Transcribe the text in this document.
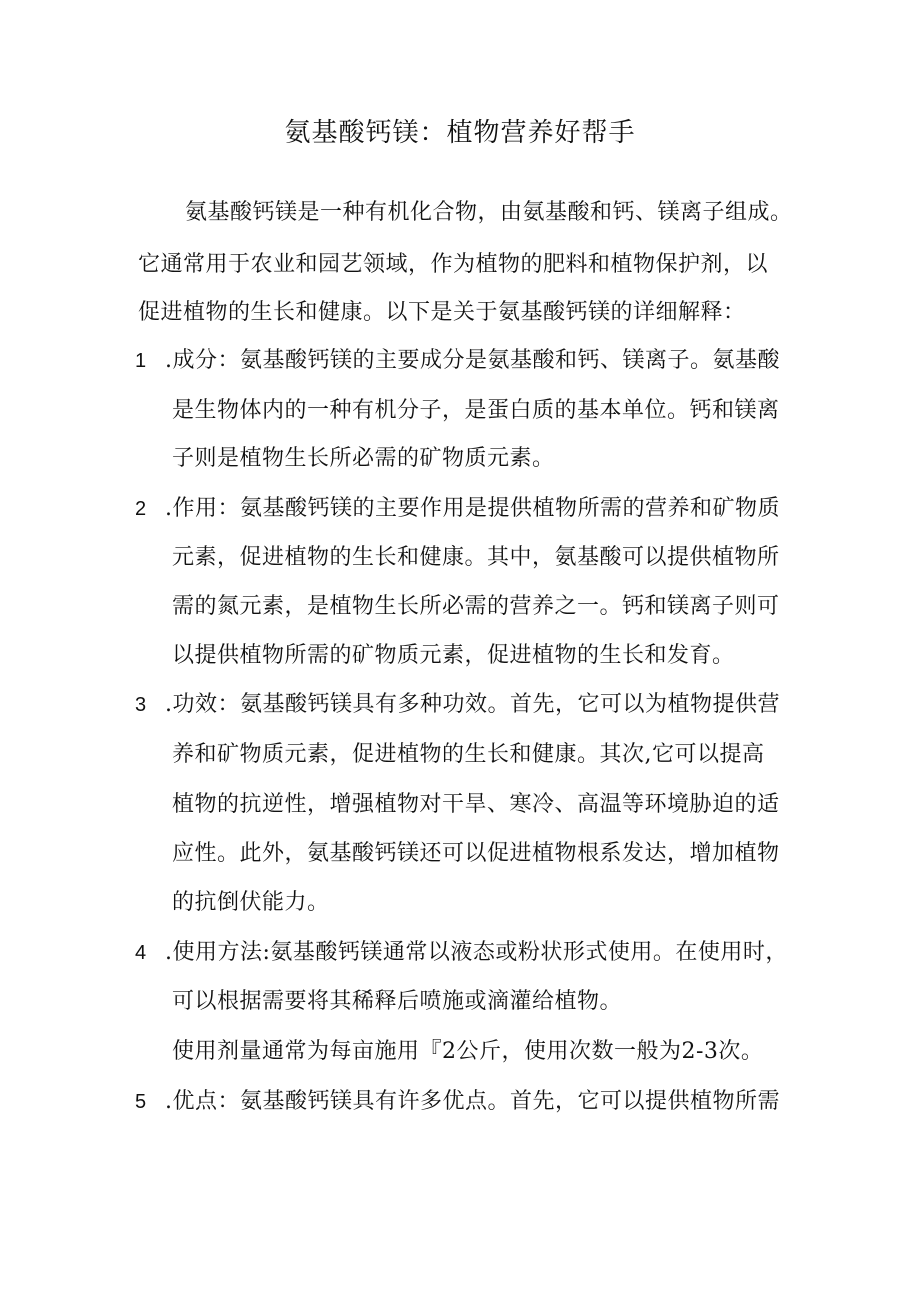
氨基酸钙镁：植物营养好帮手
氨基酸钙镁是一种有机化合物，由氨基酸和钙、镁离子组成。
它通常用于农业和园艺领域，作为植物的肥料和植物保护剂，以
促进植物的生长和健康。以下是关于氨基酸钙镁的详细解释：
1 .成分：氨基酸钙镁的主要成分是氨基酸和钙、镁离子。氨基酸
是生物体内的一种有机分子，是蛋白质的基本单位。钙和镁离
子则是植物生长所必需的矿物质元素。
2 .作用：氨基酸钙镁的主要作用是提供植物所需的营养和矿物质
元素，促进植物的生长和健康。其中，氨基酸可以提供植物所
需的氮元素，是植物生长所必需的营养之一。钙和镁离子则可
以提供植物所需的矿物质元素，促进植物的生长和发育。
3 .功效：氨基酸钙镁具有多种功效。首先，它可以为植物提供营
养和矿物质元素，促进植物的生长和健康。其次,它可以提高
植物的抗逆性，增强植物对干旱、寒冷、高温等环境胁迫的适
应性。此外，氨基酸钙镁还可以促进植物根系发达，增加植物
的抗倒伏能力。
4 .使用方法:氨基酸钙镁通常以液态或粉状形式使用。在使用时，
可以根据需要将其稀释后喷施或滴灌给植物。
使用剂量通常为每亩施用『2公斤，使用次数一般为2-3次。
5 .优点：氨基酸钙镁具有许多优点。首先，它可以提供植物所需
